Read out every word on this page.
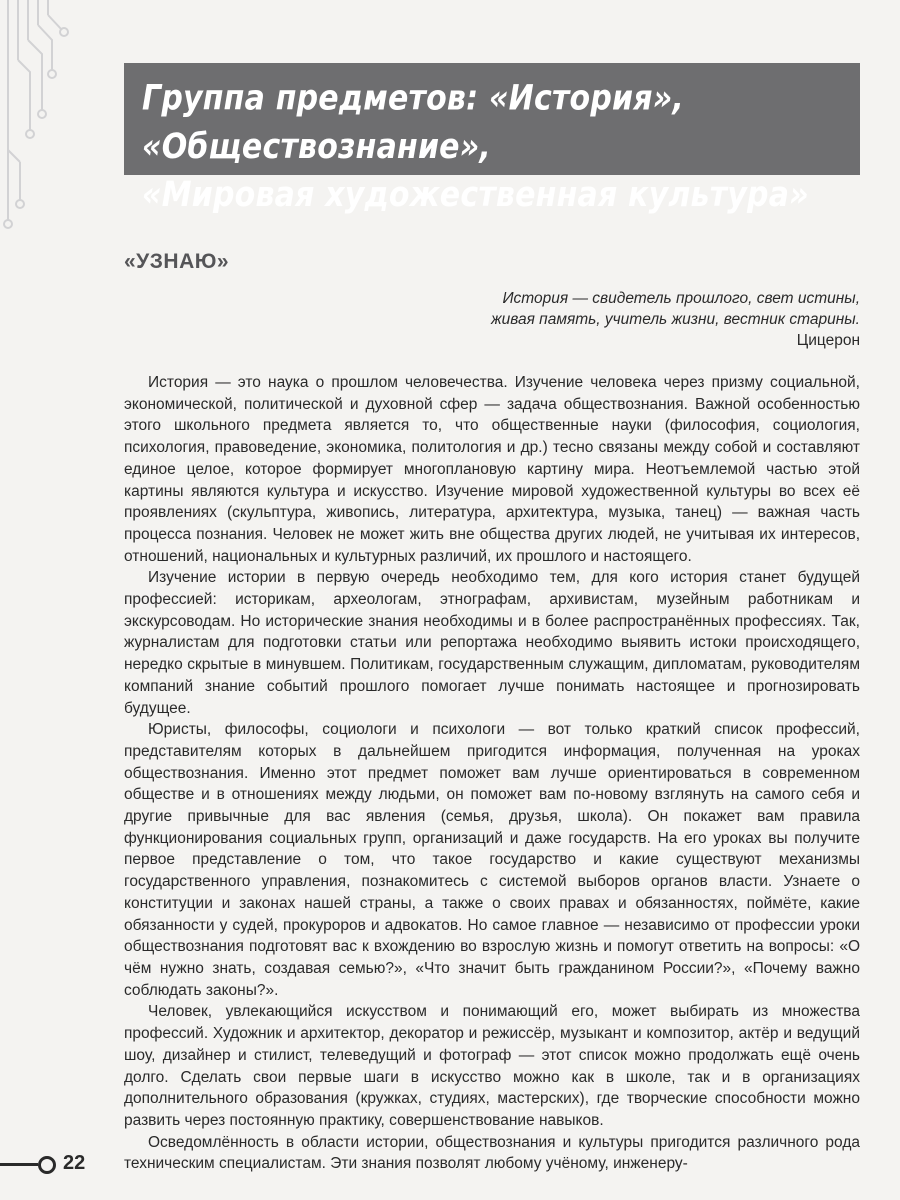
Группа предметов: «История», «Обществознание»,
«Мировая художественная культура»
«УЗНАЮ»
История — свидетель прошлого, свет истины,
живая память, учитель жизни, вестник старины.
Цицерон

История — это наука о прошлом человечества. Изучение человека через призму социальной, экономической, политической и духовной сфер — задача обществознания. Важной особенностью этого школьного предмета является то, что общественные науки (философия, социология, психология, правоведение, экономика, политология и др.) тесно связаны между собой и составляют единое целое, которое формирует многоплановую картину мира. Неотъемлемой частью этой картины являются культура и искусство. Изучение мировой художественной культуры во всех её проявлениях (скульптура, живопись, литература, архитектура, музыка, танец) — важная часть процесса познания. Человек не может жить вне общества других людей, не учитывая их интересов, отношений, национальных и культурных различий, их прошлого и настоящего.

Изучение истории в первую очередь необходимо тем, для кого история станет будущей профессией: историкам, археологам, этнографам, архивистам, музейным работникам и экскурсоводам. Но исторические знания необходимы и в более распространённых профессиях. Так, журналистам для подготовки статьи или репортажа необходимо выявить истоки происходящего, нередко скрытые в минувшем. Политикам, государственным служащим, дипломатам, руководителям компаний знание событий прошлого помогает лучше понимать настоящее и прогнозировать будущее.

Юристы, философы, социологи и психологи — вот только краткий список профессий, представителям которых в дальнейшем пригодится информация, полученная на уроках обществознания. Именно этот предмет поможет вам лучше ориентироваться в современном обществе и в отношениях между людьми, он поможет вам по-новому взглянуть на самого себя и другие привычные для вас явления (семья, друзья, школа). Он покажет вам правила функционирования социальных групп, организаций и даже государств. На его уроках вы получите первое представление о том, что такое государство и какие существуют механизмы государственного управления, познакомитесь с системой выборов органов власти. Узнаете о конституции и законах нашей страны, а также о своих правах и обязанностях, поймёте, какие обязанности у судей, прокуроров и адвокатов. Но самое главное — независимо от профессии уроки обществознания подготовят вас к вхождению во взрослую жизнь и помогут ответить на вопросы: «О чём нужно знать, создавая семью?», «Что значит быть гражданином России?», «Почему важно соблюдать законы?».

Человек, увлекающийся искусством и понимающий его, может выбирать из множества профессий. Художник и архитектор, декоратор и режиссёр, музыкант и композитор, актёр и ведущий шоу, дизайнер и стилист, телеведущий и фотограф — этот список можно продолжать ещё очень долго. Сделать свои первые шаги в искусство можно как в школе, так и в организациях дополнительного образования (кружках, студиях, мастерских), где творческие способности можно развить через постоянную практику, совершенствование навыков.

Осведомлённость в области истории, обществознания и культуры пригодится различного рода техническим специалистам. Эти знания позволят любому учёному, инженеру-

22
